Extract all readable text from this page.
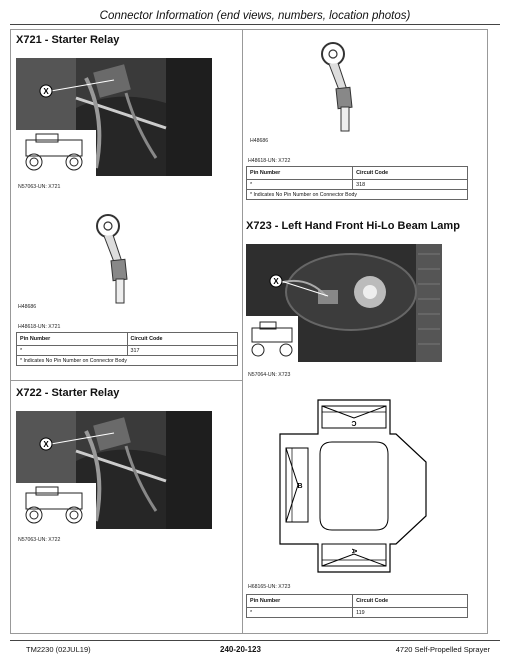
Connector Information (end views, numbers, location photos)
X721 - Starter Relay
X
N57063-UN: X721
H48686
H48618-UN: X721
Pin Number	Circuit Code
*	317
* Indicates No Pin Number on Connector Body	
X722 - Starter Relay
X
N57063-UN: X722
H48686
H48618-UN: X722
Pin Number	Circuit Code
*	318
* Indicates No Pin Number on Connector Body	
X723 - Left Hand Front Hi-Lo Beam Lamp
X
N57064-UN: X723
C
B
A
H68165-UN: X723
Pin Number	Circuit Code
*	119
TM2230 (02JUL19)	240-20-123	4720 Self-Propelled Sprayer
